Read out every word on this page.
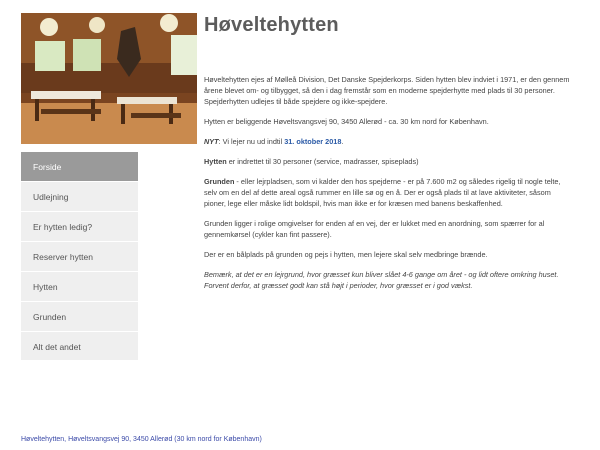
Forside
Udlejning
Er hytten ledig?
Reserver hytten
Hytten
Grunden
Alt det andet
Høveltehytten

Høveltehytten ejes af Mølleå Division, Det Danske Spejderkorps. Siden hytten blev indviet i 1971, er den gennem årene blevet om- og tilbygget, så den i dag fremstår som en moderne spejderhytte med plads til 30 personer. Spejderhytten udlejes til både spejdere og ikke-spejdere.

Hytten er beliggende Høveltsvangsvej 90, 3450 Allerød - ca. 30 km nord for København.

NYT: Vi lejer nu ud indtil 31. oktober 2018.

Hytten er indrettet til 30 personer (service, madrasser, spiseplads)

Grunden - eller lejrpladsen, som vi kalder den hos spejderne - er på 7.600 m2 og således rigelig til nogle telte, selv om en del af dette areal også rummer en lille sø og en å. Der er også plads til at lave aktiviteter, såsom pioner, lege eller måske lidt boldspil, hvis man ikke er for kræsen med banens beskaffenhed.

Grunden ligger i rolige omgivelser for enden af en vej, der er lukket med en anordning, som spærrer for al gennemkørsel (cykler kan fint passere).

Der er en bålplads på grunden og pejs i hytten, men lejere skal selv medbringe brænde.

Bemærk, at det er en lejrgrund, hvor græsset kun bliver slået 4-6 gange om året - og lidt oftere omkring huset. Forvent derfor, at græsset godt kan stå højt i perioder, hvor græsset er i god vækst.

Høveltehytten, Høveltsvangsvej 90, 3450 Allerød (30 km nord for København)
